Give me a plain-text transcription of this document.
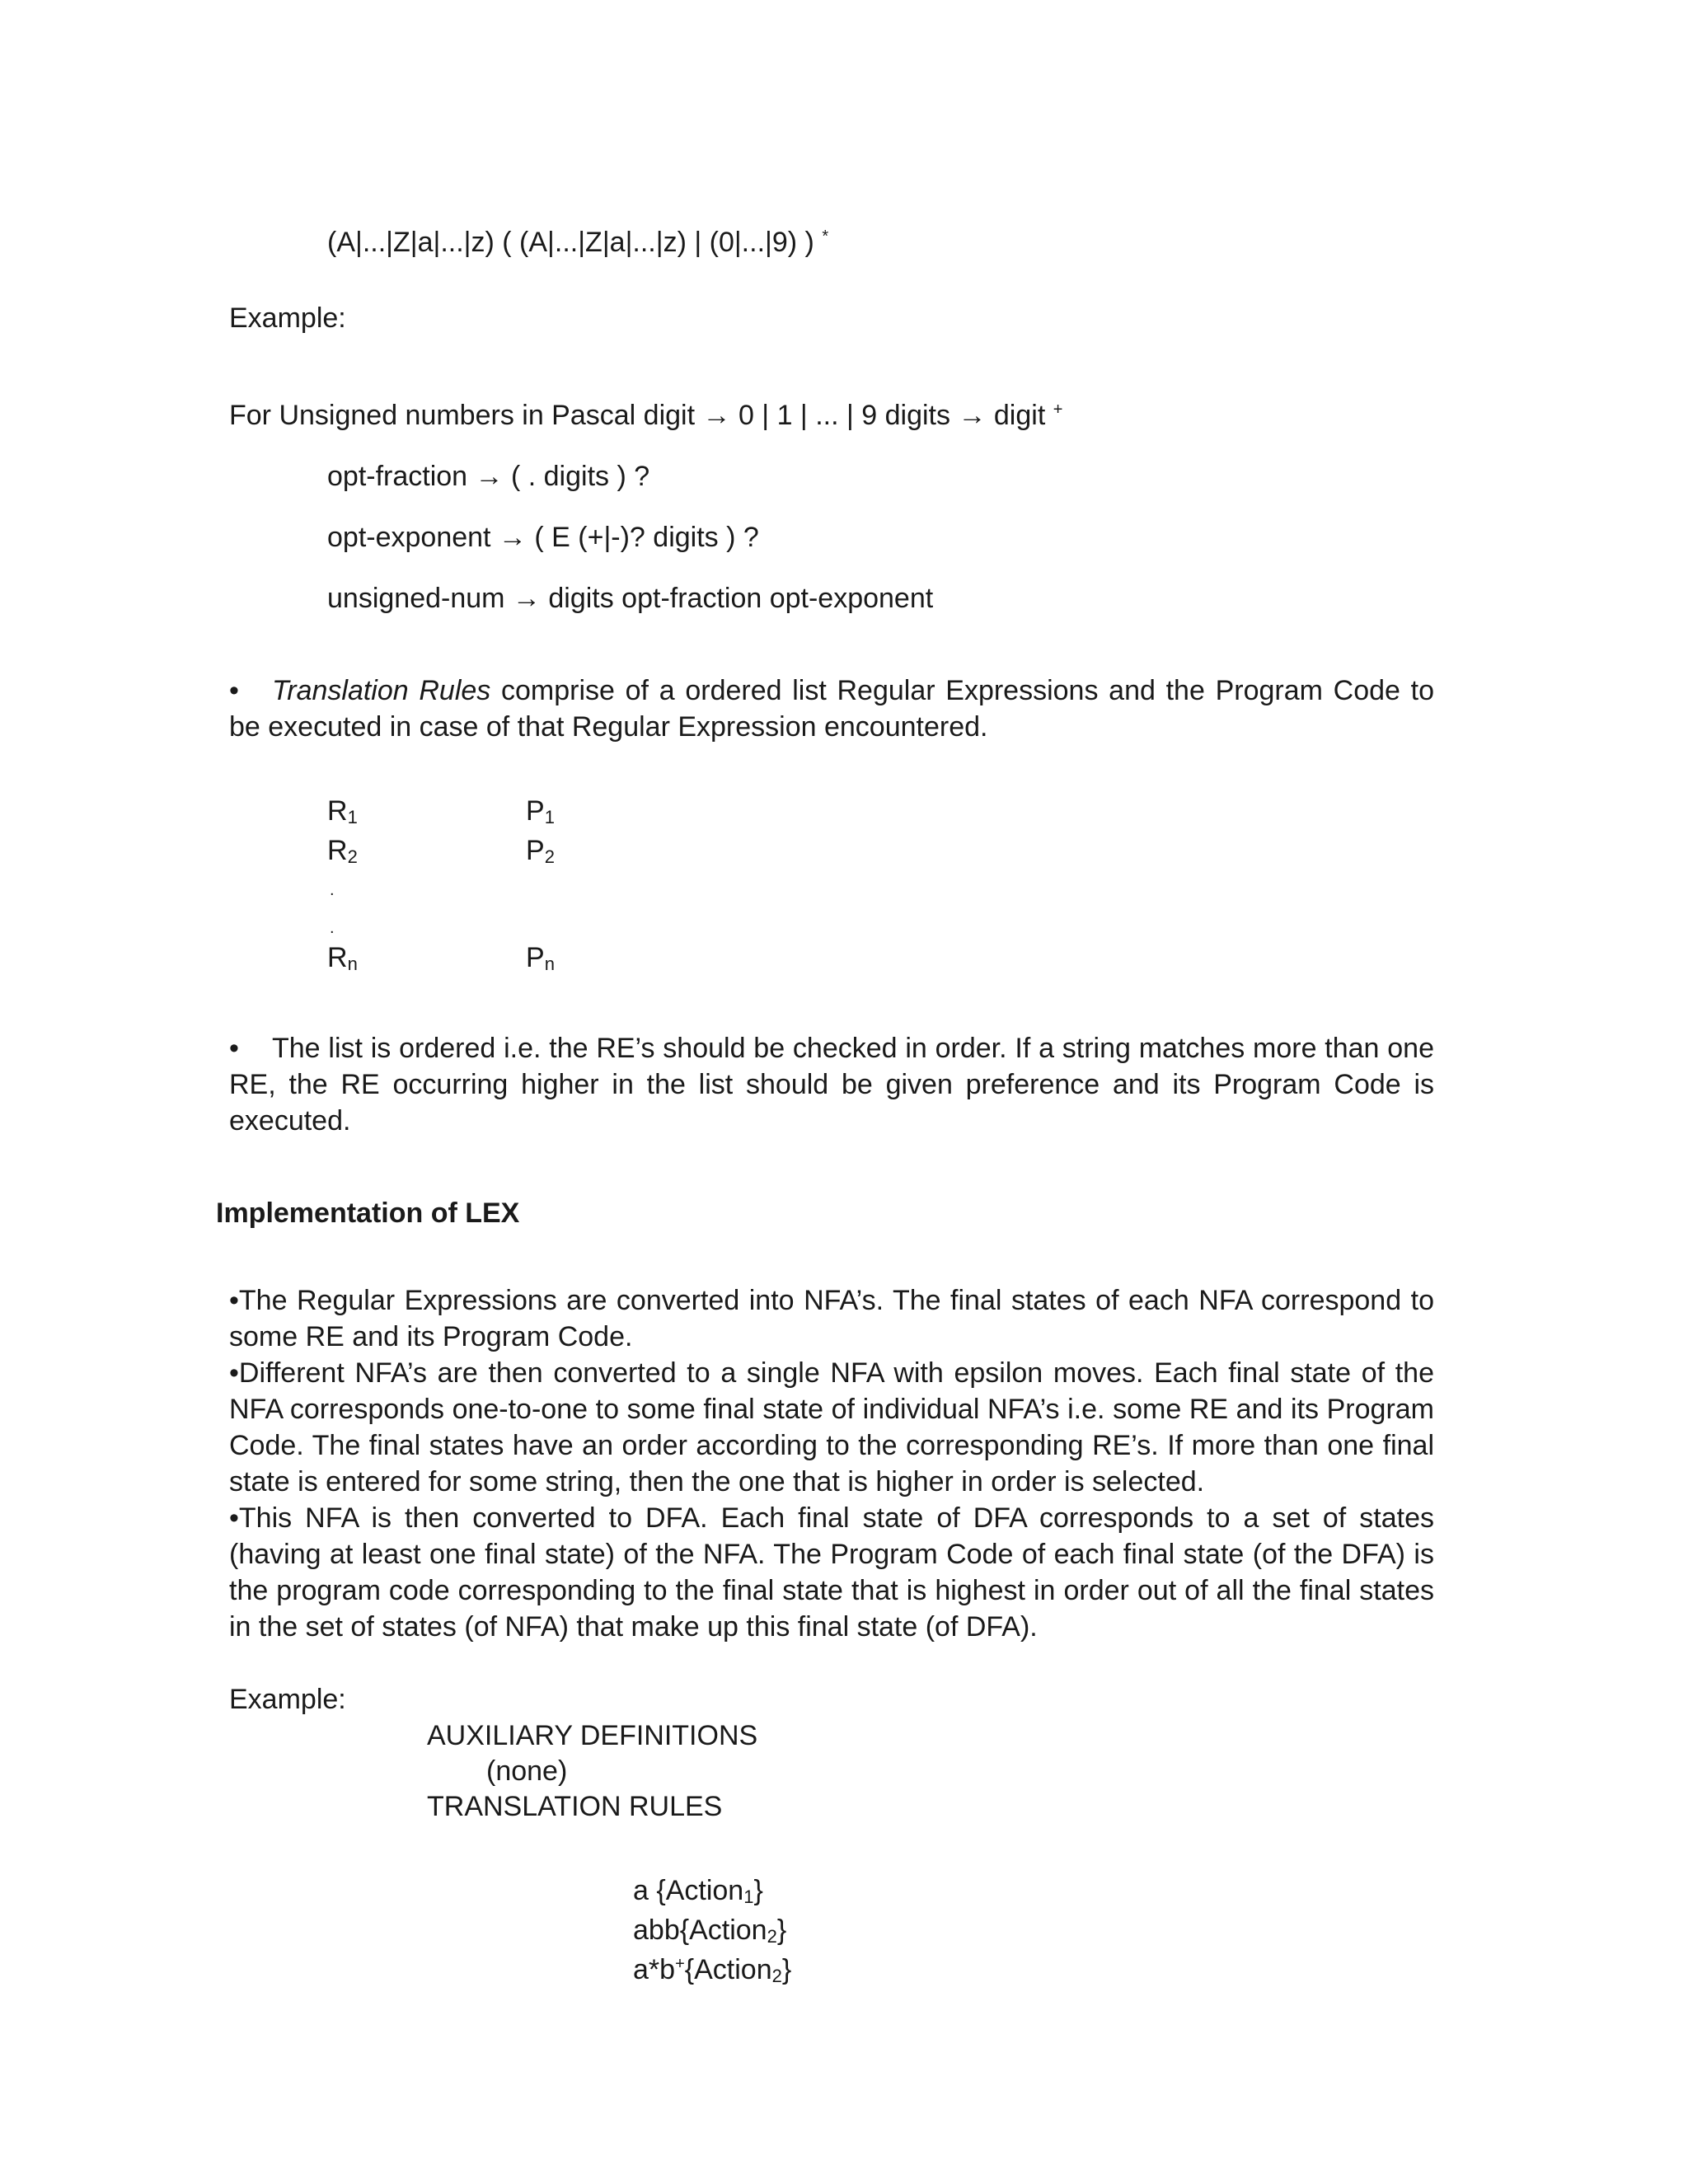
(A|...|Z|a|...|z) ( (A|...|Z|a|...|z) | (0|...|9) ) *
Example:
For Unsigned numbers in Pascal digit → 0 | 1 | ... | 9 digits → digit +
opt-fraction → ( . digits ) ?
opt-exponent → ( E (+|-)? digits ) ?
unsigned-num → digits opt-fraction opt-exponent

• Translation Rules comprise of a ordered list Regular Expressions and the Program Code to be executed in case of that Regular Expression encountered.

$R_1$	$P_1$
$R_2$	$P_2$
.
.
$R_n$	$P_n$

• The list is ordered i.e. the RE’s should be checked in order. If a string matches more than one RE, the RE occurring higher in the list should be given preference and its Program Code is executed.

Implementation of LEX

•The Regular Expressions are converted into NFA’s. The final states of each NFA correspond to some RE and its Program Code.

•Different NFA’s are then converted to a single NFA with epsilon moves. Each final state of the NFA corresponds one-to-one to some final state of individual NFA’s i.e. some RE and its Program Code. The final states have an order according to the corresponding RE’s. If more than one final state is entered for some string, then the one that is higher in order is selected.

•This NFA is then converted to DFA. Each final state of DFA corresponds to a set of states (having at least one final state) of the NFA. The Program Code of each final state (of the DFA) is the program code corresponding to the final state that is highest in order out of all the final states in the set of states (of NFA) that make up this final state (of DFA).

Example:
AUXILIARY DEFINITIONS
(none)
TRANSLATION RULES
a {Action$_1$}
abb{Action$_2$}
a*b+{Action$_2$}
